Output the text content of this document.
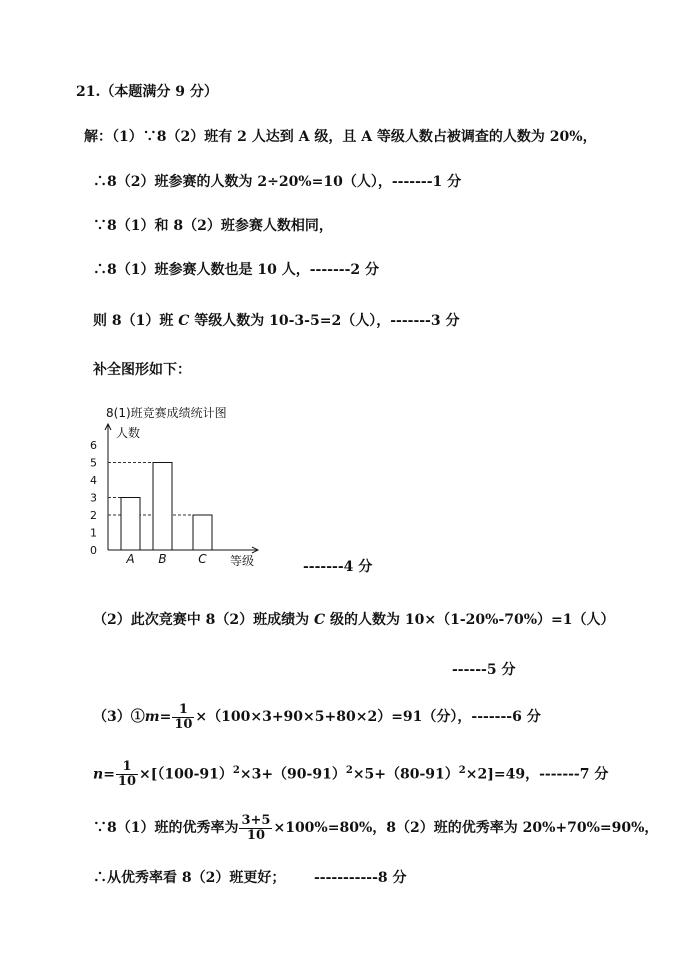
21.（本题满分 9 分）
解：（1）∵8（2）班有 2 人达到 A 级，且 A 等级人数占被调查的人数为 20%，
∴8（2）班参赛的人数为 2÷20%=10（人），-------1 分
∵8（1）和 8（2）班参赛人数相同，
∴8（1）班参赛人数也是 10 人，-------2 分
则 8（1）班 C 等级人数为 10-3-5=2（人），-------3 分
补全图形如下：
8(1)班竞赛成绩统计图
人数
等级
0
1
2
3
4
5
6
A B	C	-------4 分
（2）此次竞赛中 8（2）班成绩为 C 级的人数为 10×（1-20%-70%）=1（人）
------5 分
（3）①m= $\frac{1}{10} \times(100\times 3+90\times 5+80\times 2)=91$（分），-------6 分
$n= \frac{1}{10} \times[(100-91)^2\times 3+(90-91)^2\times 5+(80-91)^2\times 2]=49$，-------7 分
∵8（1）班的优秀率为 $\frac{3+5}{10} \times 100\%=80\%$，8（2）班的优秀率为 20%+70%=90%，
∴从优秀率看 8（2）班更好； -----------8 分
